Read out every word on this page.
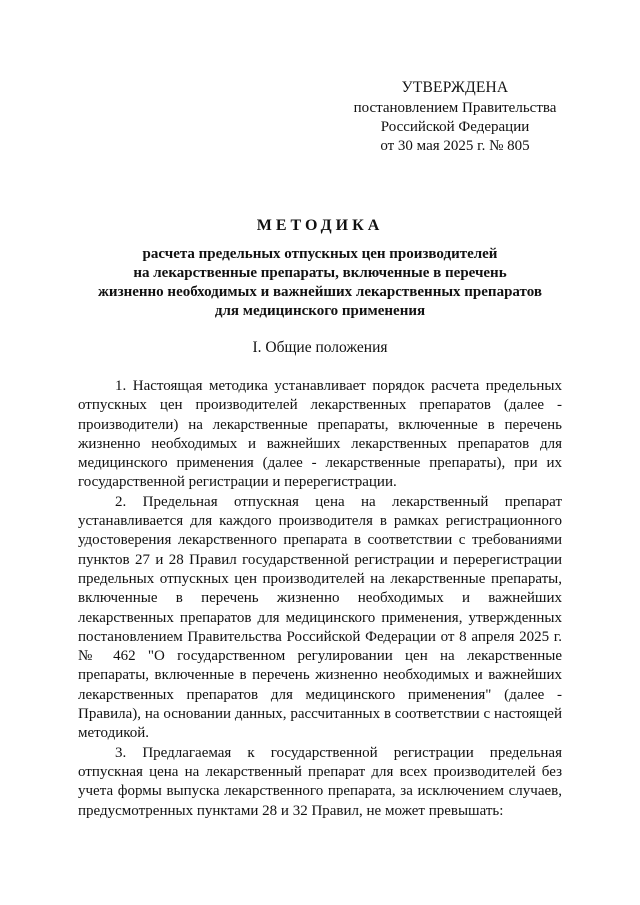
УТВЕРЖДЕНА
постановлением Правительства
Российской Федерации
от 30 мая 2025 г. № 805
МЕТОДИКА
расчета предельных отпускных цен производителей
на лекарственные препараты, включенные в перечень
жизненно необходимых и важнейших лекарственных препаратов
для медицинского применения
I. Общие положения

1. Настоящая методика устанавливает порядок расчета предельных отпускных цен производителей лекарственных препаратов (далее - производители) на лекарственные препараты, включенные в перечень жизненно необходимых и важнейших лекарственных препаратов для медицинского применения (далее - лекарственные препараты), при их государственной регистрации и перерегистрации.

2. Предельная отпускная цена на лекарственный препарат устанавливается для каждого производителя в рамках регистрационного удостоверения лекарственного препарата в соответствии с требованиями пунктов 27 и 28 Правил государственной регистрации и перерегистрации предельных отпускных цен производителей на лекарственные препараты, включенные в перечень жизненно необходимых и важнейших лекарственных препаратов для медицинского применения, утвержденных постановлением Правительства Российской Федерации от 8 апреля 2025 г. № 462 "О государственном регулировании цен на лекарственные препараты, включенные в перечень жизненно необходимых и важнейших лекарственных препаратов для медицинского применения" (далее - Правила), на основании данных, рассчитанных в соответствии с настоящей методикой.

3. Предлагаемая к государственной регистрации предельная отпускная цена на лекарственный препарат для всех производителей без учета формы выпуска лекарственного препарата, за исключением случаев, предусмотренных пунктами 28 и 32 Правил, не может превышать:
